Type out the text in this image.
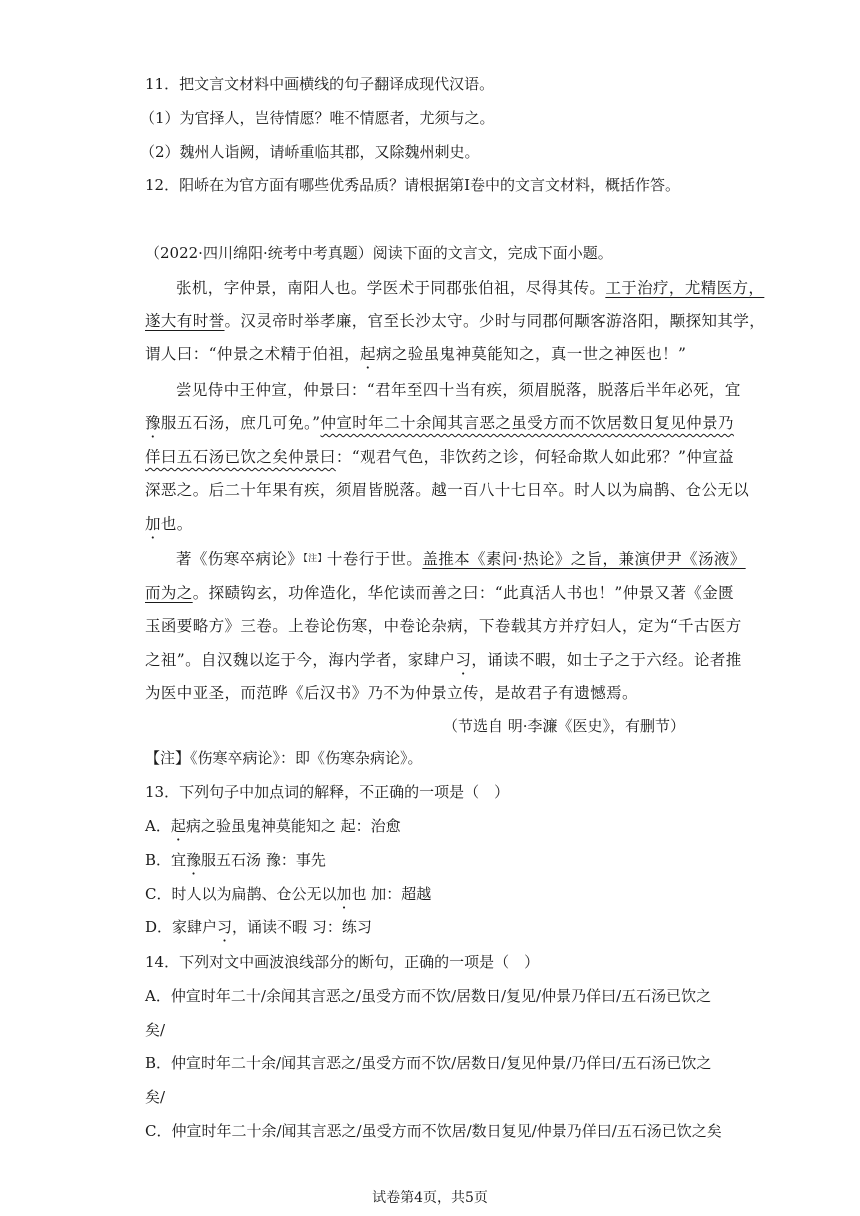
11．把文言文材料中画横线的句子翻译成现代汉语。
（1）为官择人，岂待情愿？唯不情愿者，尤须与之。
（2）魏州人诣阙，请峤重临其郡，又除魏州刺史。
12．阳峤在为官方面有哪些优秀品质？请根据第Ⅰ卷中的文言文材料，概括作答。
（2022·四川绵阳·统考中考真题）阅读下面的文言文，完成下面小题。
张机，字仲景，南阳人也。学医术于同郡张伯祖，尽得其传。工于治疗，尤精医方，
遂大有时誉。汉灵帝时举孝廉，官至长沙太守。少时与同郡何颙客游洛阳，颙探知其学，
谓人曰：“仲景之术精于伯祖，起病之验虽鬼神莫能知之，真一世之神医也！”
尝见侍中王仲宣，仲景曰：“君年至四十当有疾，须眉脱落，脱落后半年必死，宜
豫服五石汤，庶几可免。”仲宣时年二十余闻其言恶之虽受方而不饮居数日复见仲景乃
佯曰五石汤已饮之矣仲景曰：“观君气色，非饮药之诊，何轻命欺人如此邪？”仲宣益
深恶之。后二十年果有疾，须眉皆脱落。越一百八十七日卒。时人以为扁鹊、仓公无以
加也。
著《伤寒卒病论》$^{【注】}$十卷行于世。盖推本《素问·热论》之旨，兼演伊尹《汤液》
而为之。探赜钩玄，功侔造化，华佗读而善之曰：“此真活人书也！”仲景又著《金匮
玉函要略方》三卷。上卷论伤寒，中卷论杂病，下卷载其方并疗妇人，定为“千古医方
之祖”。自汉魏以迄于今，海内学者，家肆户习，诵读不暇，如士子之于六经。论者推
为医中亚圣，而范晔《后汉书》乃不为仲景立传，是故君子有遗憾焉。
（节选自 明·李濂《医史》，有删节）
【注】《伤寒卒病论》：即《伤寒杂病论》。
13．下列句子中加点词的解释，不正确的一项是（　）
A．起病之验虽鬼神莫能知之 起：治愈
B．宜豫服五石汤 豫：事先
C．时人以为扁鹊、仓公无以加也 加：超越
D．家肆户习，诵读不暇 习：练习
14．下列对文中画波浪线部分的断句，正确的一项是（　）
A．仲宣时年二十/余闻其言恶之/虽受方而不饮/居数日/复见/仲景乃佯曰/五石汤已饮之
矣/
B．仲宣时年二十余/闻其言恶之/虽受方而不饮/居数日/复见仲景/乃佯曰/五石汤已饮之
矣/
C．仲宣时年二十余/闻其言恶之/虽受方而不饮居/数日复见/仲景乃佯曰/五石汤已饮之矣
试卷第4页，共5页
